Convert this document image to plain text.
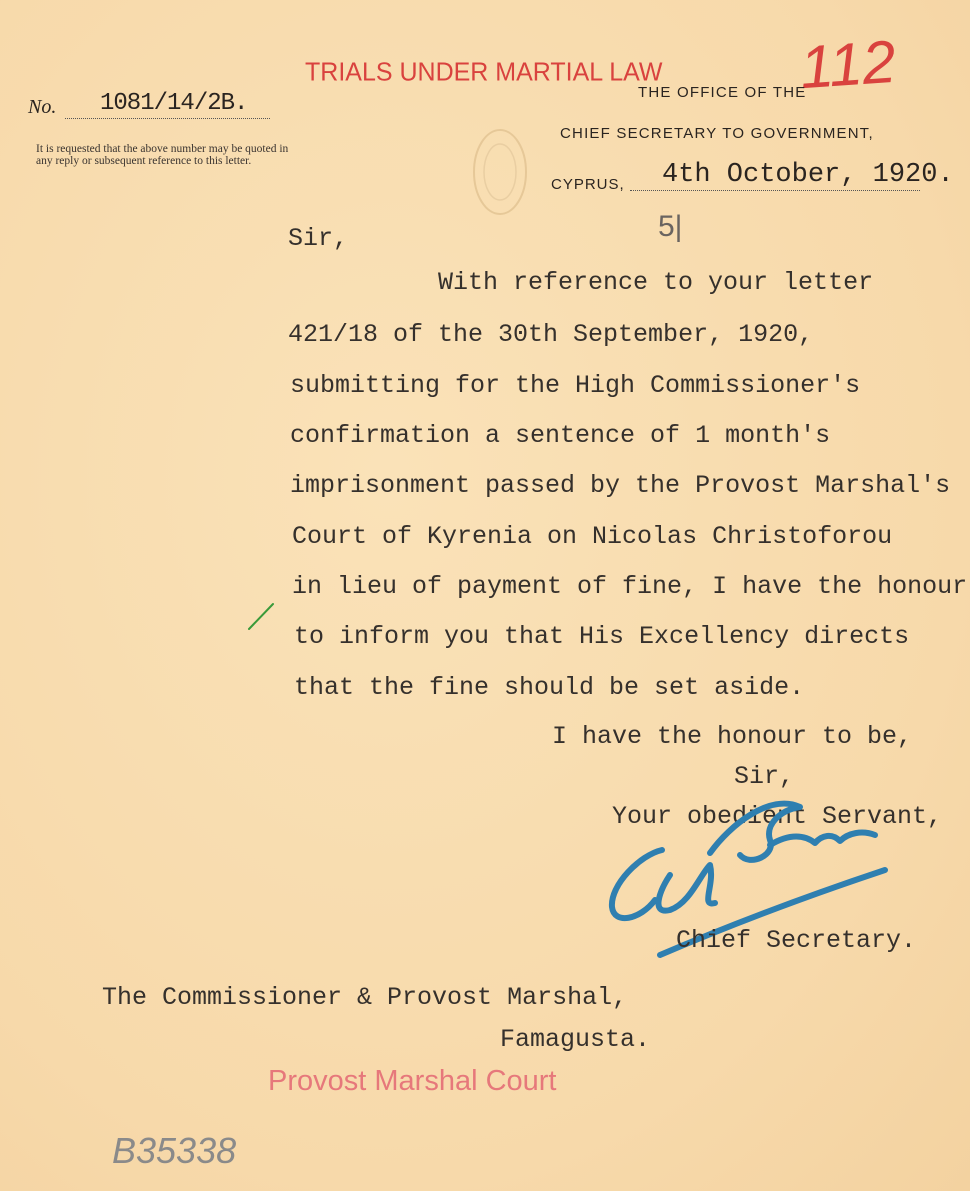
TRIALS UNDER MARTIAL LAW 112
No. 1081/14/2B.
It is requested that the above number may be quoted in any reply or subsequent reference to this letter.
THE OFFICE OF THE
CHIEF SECRETARY TO GOVERNMENT,
CYPRUS, 4th October, 1920.
Sir,	5|
With reference to your letter
421/18 of the 30th September, 1920,
submitting for the High Commissioner's
confirmation a sentence of 1 month's
imprisonment passed by the Provost Marshal's
Court of Kyrenia on Nicolas Christoforou
in lieu of payment of fine, I have the honour
to inform you that His Excellency directs
that the fine should be set aside.
I have the honour to be,
Sir,
Your obedient Servant,
Chief Secretary.
The Commissioner & Provost Marshal,
Famagusta.
Provost Marshal Court
B35338
